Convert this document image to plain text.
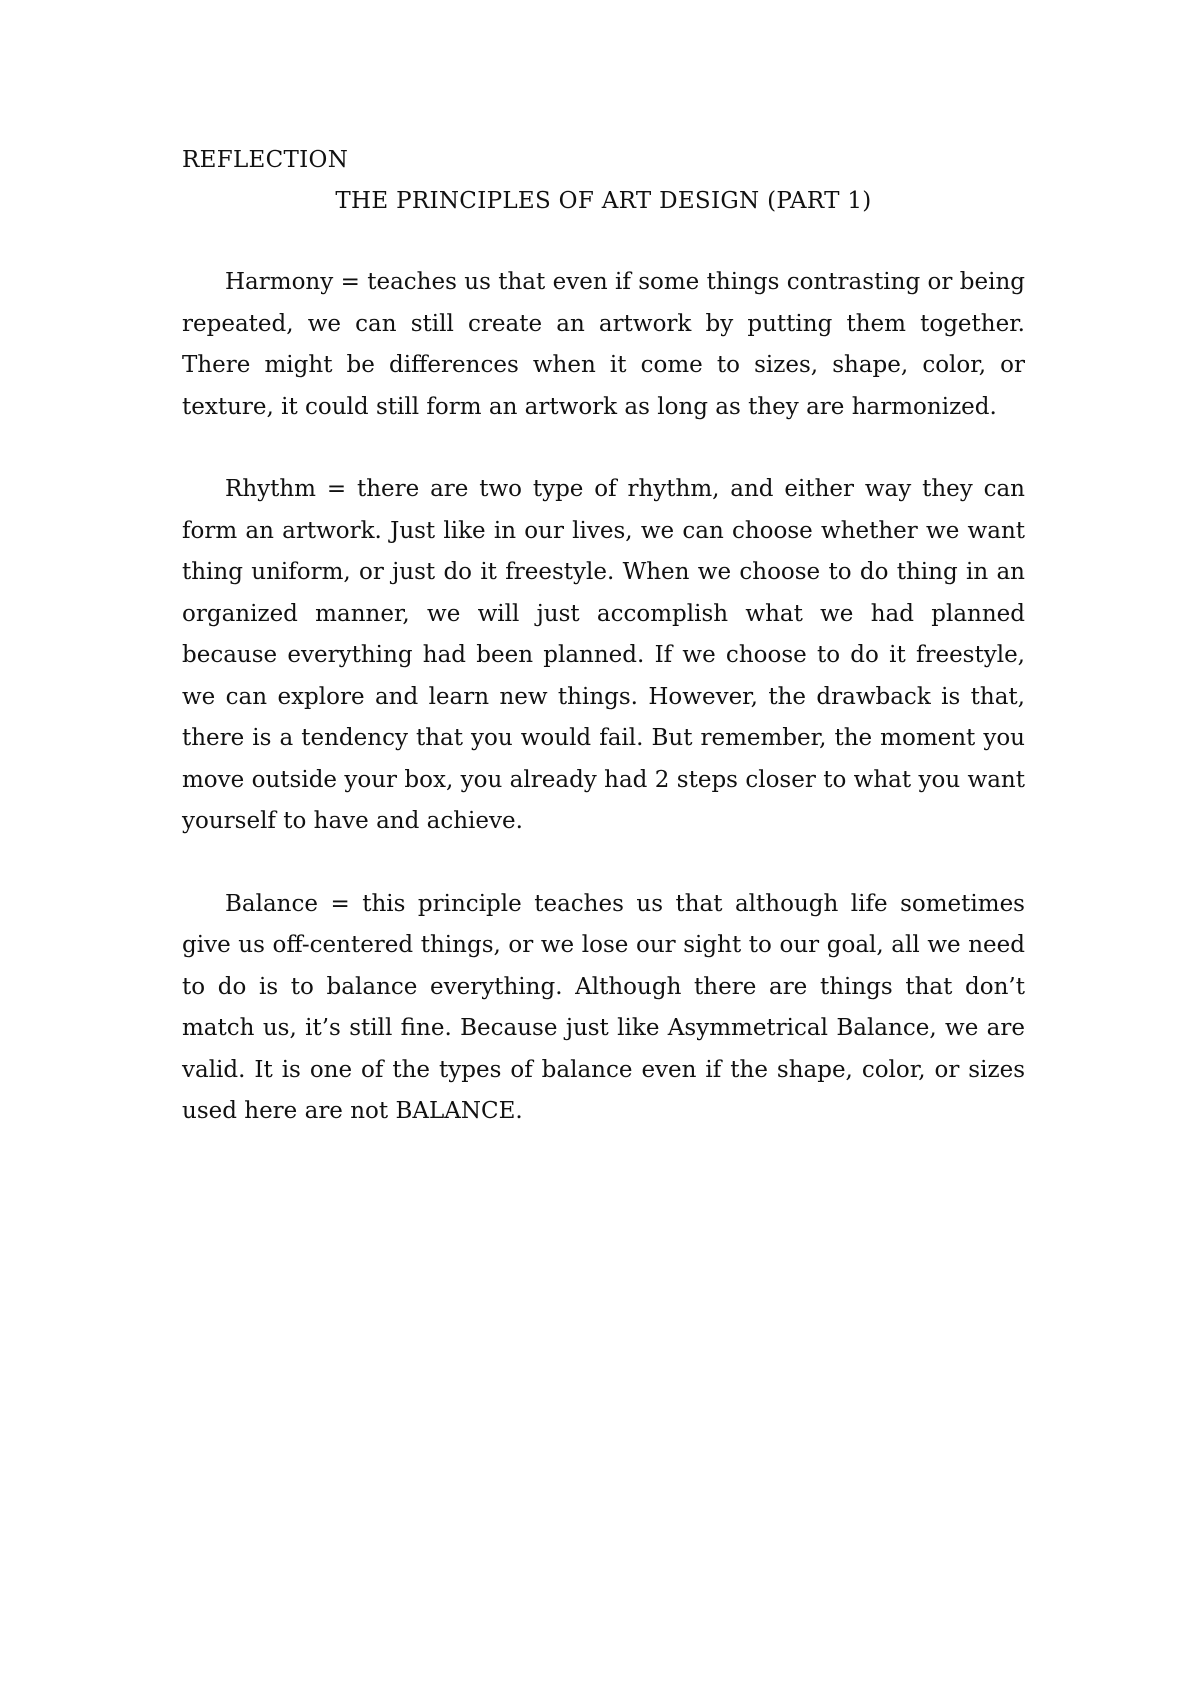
REFLECTION

THE PRINCIPLES OF ART DESIGN (PART 1)

Harmony = teaches us that even if some things contrasting or being repeated, we can still create an artwork by putting them together. There might be differences when it come to sizes, shape, color, or texture, it could still form an artwork as long as they are harmonized.

Rhythm = there are two type of rhythm, and either way they can form an artwork. Just like in our lives, we can choose whether we want thing uniform, or just do it freestyle. When we choose to do thing in an organized manner, we will just accomplish what we had planned because everything had been planned. If we choose to do it freestyle, we can explore and learn new things. However, the drawback is that, there is a tendency that you would fail. But remember, the moment you move outside your box, you already had 2 steps closer to what you want yourself to have and achieve.

Balance = this principle teaches us that although life sometimes give us off-centered things, or we lose our sight to our goal, all we need to do is to balance everything. Although there are things that don’t match us, it’s still fine. Because just like Asymmetrical Balance, we are valid. It is one of the types of balance even if the shape, color, or sizes used here are not BALANCE.
